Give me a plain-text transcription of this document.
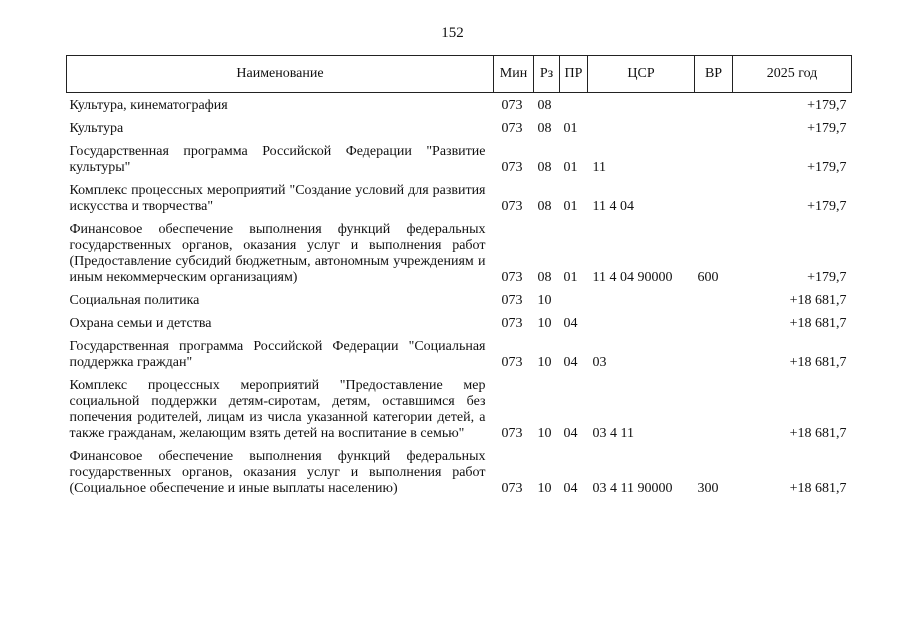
152
Наименование	Мин	Рз	ПР	ЦСР	ВР	2025 год
Культура, кинематография	073	08				+179,7
Культура	073	08	01			+179,7
Государственная программа Российской Федерации "Развитие культуры"	073	08	01	11		+179,7
Комплекс процессных мероприятий "Создание условий для развития искусства и творчества"	073	08	01	11 4 04		+179,7
Финансовое обеспечение выполнения функций федеральных государственных органов, оказания услуг и выполнения работ (Предоставление субсидий бюджетным, автономным учреждениям и иным некоммерческим организациям)	073	08	01	11 4 04 90000	600	+179,7
Социальная политика	073	10				+18 681,7
Охрана семьи и детства	073	10	04			+18 681,7
Государственная программа Российской Федерации "Социальная поддержка граждан"	073	10	04	03		+18 681,7
Комплекс процессных мероприятий "Предоставление мер социальной поддержки детям-сиротам, детям, оставшимся без попечения родителей, лицам из числа указанной категории детей, а также гражданам, желающим взять детей на воспитание в семью"	073	10	04	03 4 11		+18 681,7
Финансовое обеспечение выполнения функций федеральных государственных органов, оказания услуг и выполнения работ (Социальное обеспечение и иные выплаты населению)	073	10	04	03 4 11 90000	300	+18 681,7
